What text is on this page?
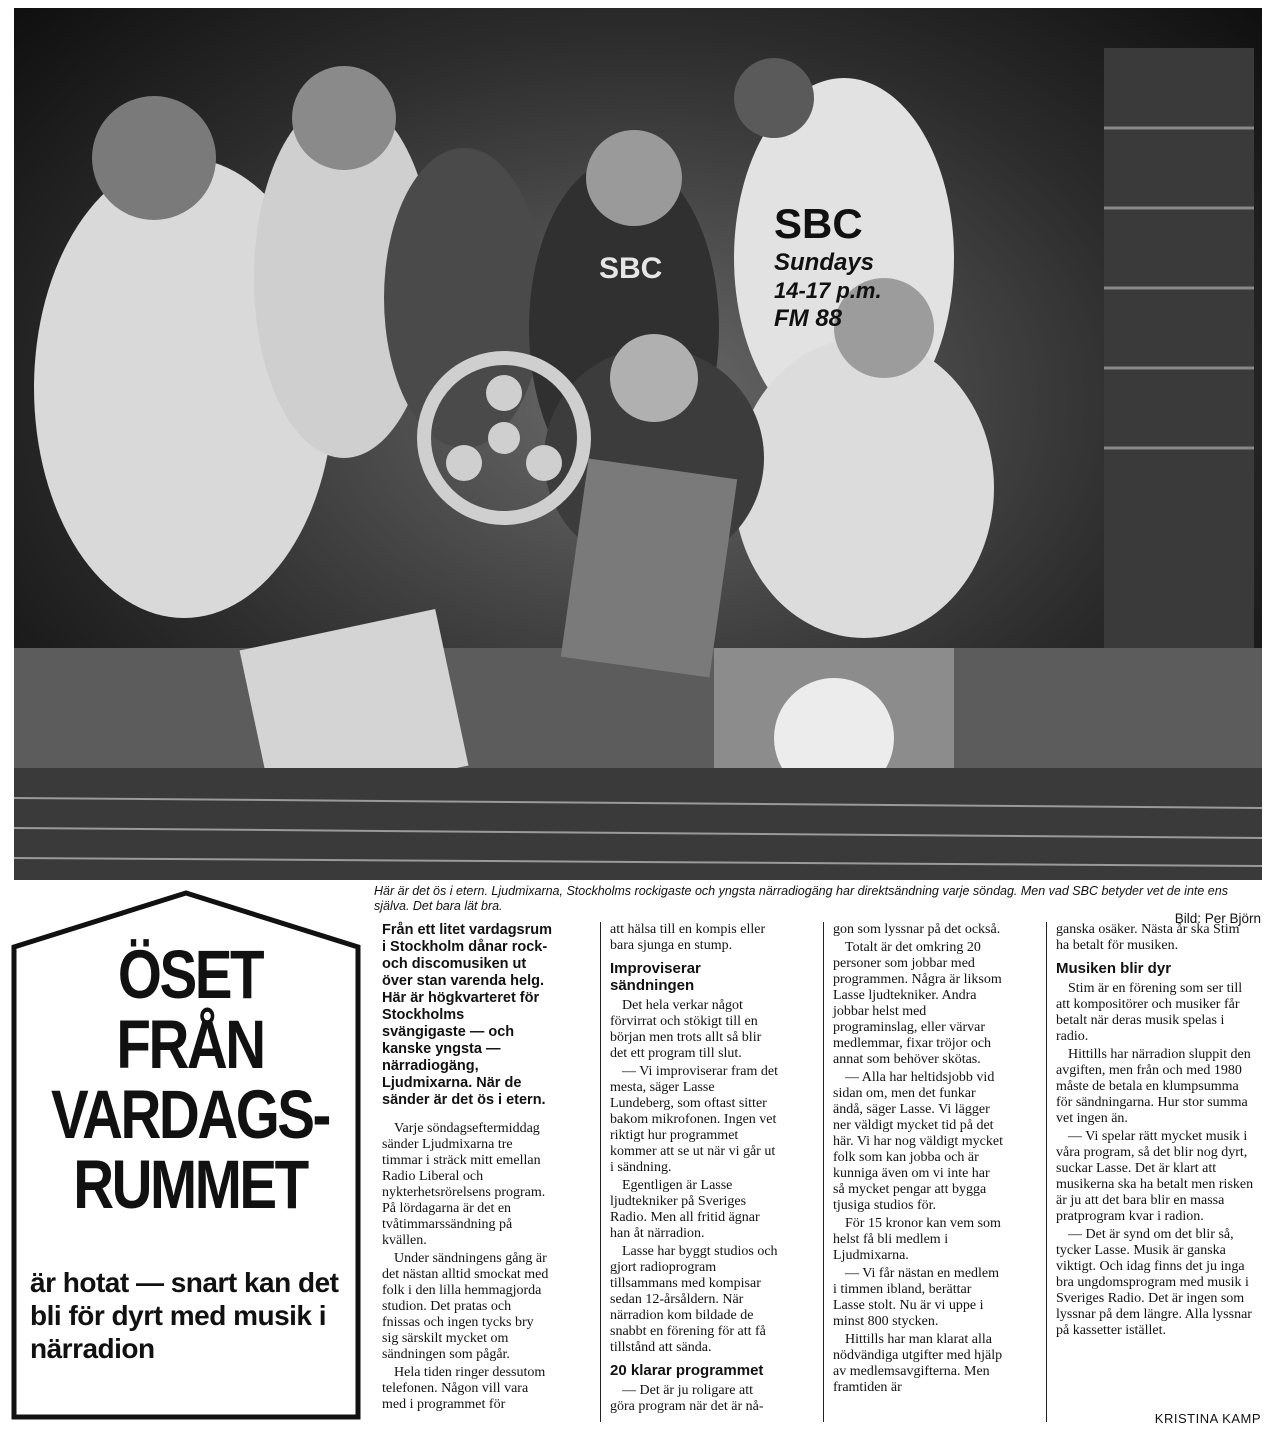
SBC
Sundays
14-17 p.m.
FM 88
SBC
Här är det ös i etern. Ljudmixarna, Stockholms rockigaste och yngsta närradiogäng har direktsändning varje söndag. Men vad SBC betyder vet de inte ens själva. Det bara lät bra.
Bild: Per Björn
ÖSET FRÅN VARDAGS- RUMMET
är hotat — snart kan det bli för dyrt med musik i närradion

Från ett litet vardagsrum i Stockholm dånar rock- och discomusiken ut över stan varenda helg. Här är högkvarteret för Stockholms svängigaste — och kanske yngsta — närradiogäng, Ljudmixarna. När de sänder är det ös i etern.

Varje söndagseftermiddag sänder Ljudmixarna tre timmar i sträck mitt emellan Radio Liberal och nykterhetsrörelsens program. På lördagarna är det en tvåtimmarssändning på kvällen.

Under sändningens gång är det nästan alltid smockat med folk i den lilla hemmagjorda studion. Det pratas och fnissas och ingen tycks bry sig särskilt mycket om sändningen som pågår.

Hela tiden ringer dessutom telefonen. Någon vill vara med i programmet för

att hälsa till en kompis eller bara sjunga en stump.

Improviserar sändningen

Det hela verkar något förvirrat och stökigt till en början men trots allt så blir det ett program till slut.

— Vi improviserar fram det mesta, säger Lasse Lundeberg, som oftast sitter bakom mikrofonen. Ingen vet riktigt hur programmet kommer att se ut när vi går ut i sändning.

Egentligen är Lasse ljudtekniker på Sveriges Radio. Men all fritid ägnar han åt närradion.

Lasse har byggt studios och gjort radioprogram tillsammans med kompisar sedan 12-årsåldern. När närradion kom bildade de snabbt en förening för att få tillstånd att sända.

20 klarar programmet

— Det är ju roligare att göra program när det är nå-

gon som lyssnar på det också.

Totalt är det omkring 20 personer som jobbar med programmen. Några är liksom Lasse ljudtekniker. Andra jobbar helst med programinslag, eller värvar medlemmar, fixar tröjor och annat som behöver skötas.

— Alla har heltidsjobb vid sidan om, men det funkar ändå, säger Lasse. Vi lägger ner väldigt mycket tid på det här. Vi har nog väldigt mycket folk som kan jobba och är kunniga även om vi inte har så mycket pengar att bygga tjusiga studios för.

För 15 kronor kan vem som helst få bli medlem i Ljudmixarna.

— Vi får nästan en medlem i timmen ibland, berättar Lasse stolt. Nu är vi uppe i minst 800 stycken.

Hittills har man klarat alla nödvändiga utgifter med hjälp av medlemsavgifterna. Men framtiden är

ganska osäker. Nästa år ska Stim ha betalt för musiken.

Musiken blir dyr

Stim är en förening som ser till att kompositörer och musiker får betalt när deras musik spelas i radio.

Hittills har närradion sluppit den avgiften, men från och med 1980 måste de betala en klumpsumma för sändningarna. Hur stor summa vet ingen än.

— Vi spelar rätt mycket musik i våra program, så det blir nog dyrt, suckar Lasse. Det är klart att musikerna ska ha betalt men risken är ju att det bara blir en massa pratprogram kvar i radion.

— Det är synd om det blir så, tycker Lasse. Musik är ganska viktigt. Och idag finns det ju inga bra ungdomsprogram med musik i Sveriges Radio. Det är ingen som lyssnar på dem längre. Alla lyssnar på kassetter istället.

KRISTINA KAMP
